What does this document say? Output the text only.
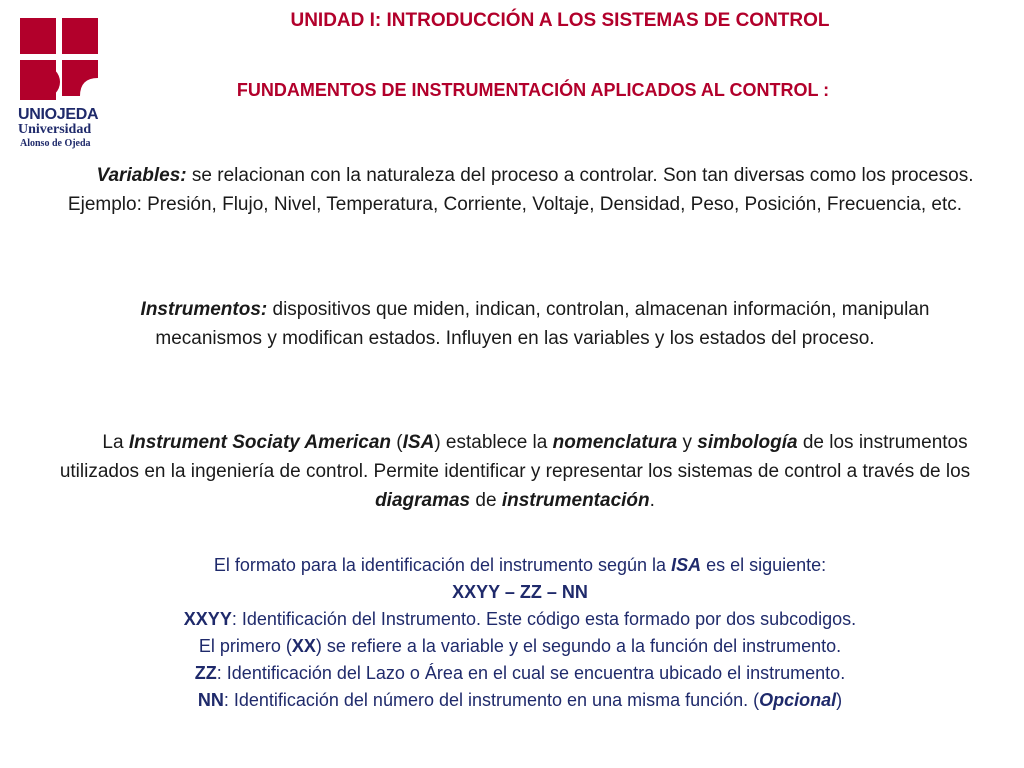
UNIOJEDA
Universidad
Alonso de Ojeda
UNIDAD I: INTRODUCCIÓN A LOS SISTEMAS DE CONTROL
FUNDAMENTOS DE INSTRUMENTACIÓN APLICADOS AL CONTROL :
Variables: se relacionan con la naturaleza del proceso a controlar. Son tan diversas como los procesos. Ejemplo: Presión, Flujo, Nivel, Temperatura, Corriente, Voltaje, Densidad, Peso, Posición, Frecuencia, etc.
Instrumentos: dispositivos que miden, indican, controlan, almacenan información, manipulan mecanismos y modifican estados. Influyen en las variables y los estados del proceso.
La Instrument Sociaty American (ISA) establece la nomenclatura y simbología de los instrumentos utilizados en la ingeniería de control. Permite identificar y representar los sistemas de control a través de los diagramas de instrumentación.
El formato para la identificación del instrumento según la ISA es el siguiente:
XXYY – ZZ – NN
XXYY: Identificación del Instrumento. Este código esta formado por dos subcodigos.
El primero (XX) se refiere a la variable y el segundo a la función del instrumento.
ZZ: Identificación del Lazo o Área en el cual se encuentra ubicado el instrumento.
NN: Identificación del número del instrumento en una misma función. (Opcional)
